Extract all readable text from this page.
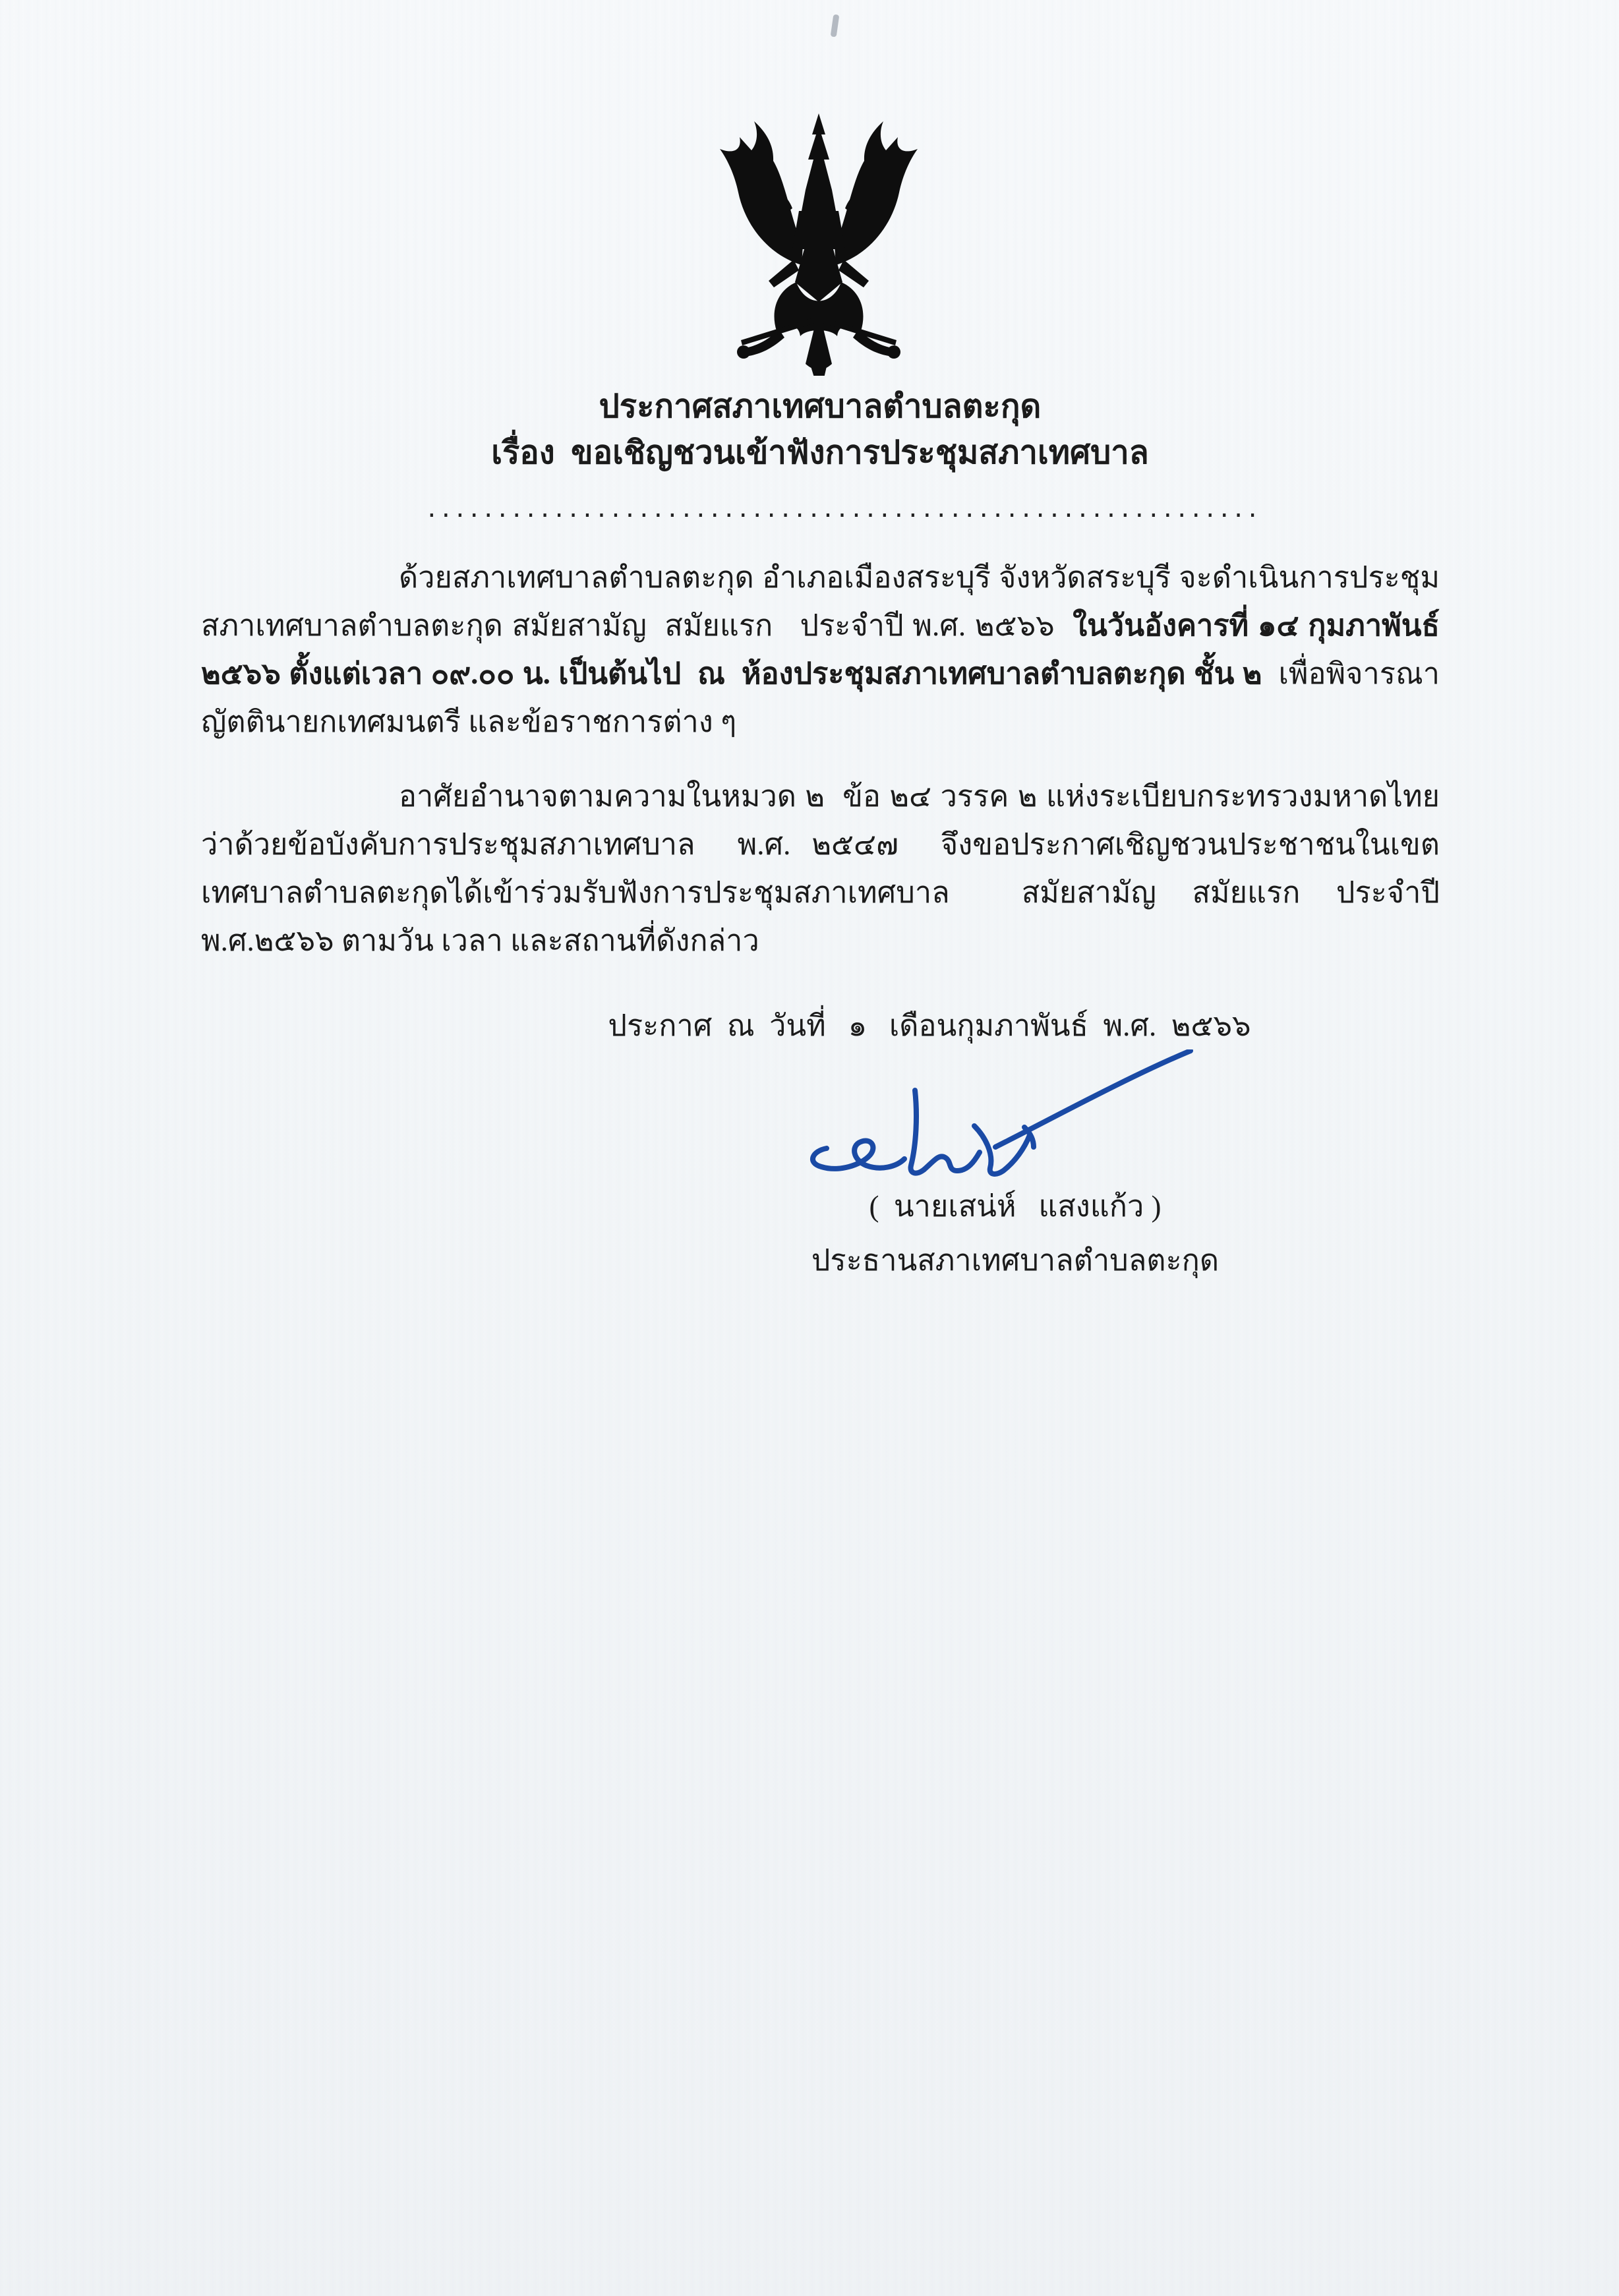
ประกาศสภาเทศบาลตำบลตะกุด
เรื่อง  ขอเชิญชวนเข้าฟังการประชุมสภาเทศบาล
...........................................................

ด้วยสภาเทศบาลตำบลตะกุด อำเภอเมืองสระบุรี จังหวัดสระบุรี จะดำเนินการประชุมสภาเทศบาลตำบลตะกุด สมัยสามัญ  สมัยแรก   ประจำปี พ.ศ. ๒๕๖๖  ในวันอังคารที่ ๑๔ กุมภาพันธ์ ๒๕๖๖ ตั้งแต่เวลา ๐๙.๐๐ น. เป็นต้นไป  ณ  ห้องประชุมสภาเทศบาลตำบลตะกุด ชั้น ๒  เพื่อพิจารณาญัตตินายกเทศมนตรี และข้อราชการต่าง ๆ

อาศัยอำนาจตามความในหมวด ๒  ข้อ ๒๔ วรรค ๒ แห่งระเบียบกระทรวงมหาดไทย ว่าด้วยข้อบังคับการประชุมสภาเทศบาล  พ.ศ. ๒๕๔๗  จึงขอประกาศเชิญชวนประชาชนในเขตเทศบาลตำบลตะกุดได้เข้าร่วมรับฟังการประชุมสภาเทศบาล  สมัยสามัญ สมัยแรก ประจำปี พ.ศ.๒๕๖๖ ตามวัน เวลา และสถานที่ดังกล่าว

ประกาศ  ณ  วันที่   ๑   เดือนกุมภาพันธ์  พ.ศ.  ๒๕๖๖
(  นายเสน่ห์   แสงแก้ว )
ประธานสภาเทศบาลตำบลตะกุด
